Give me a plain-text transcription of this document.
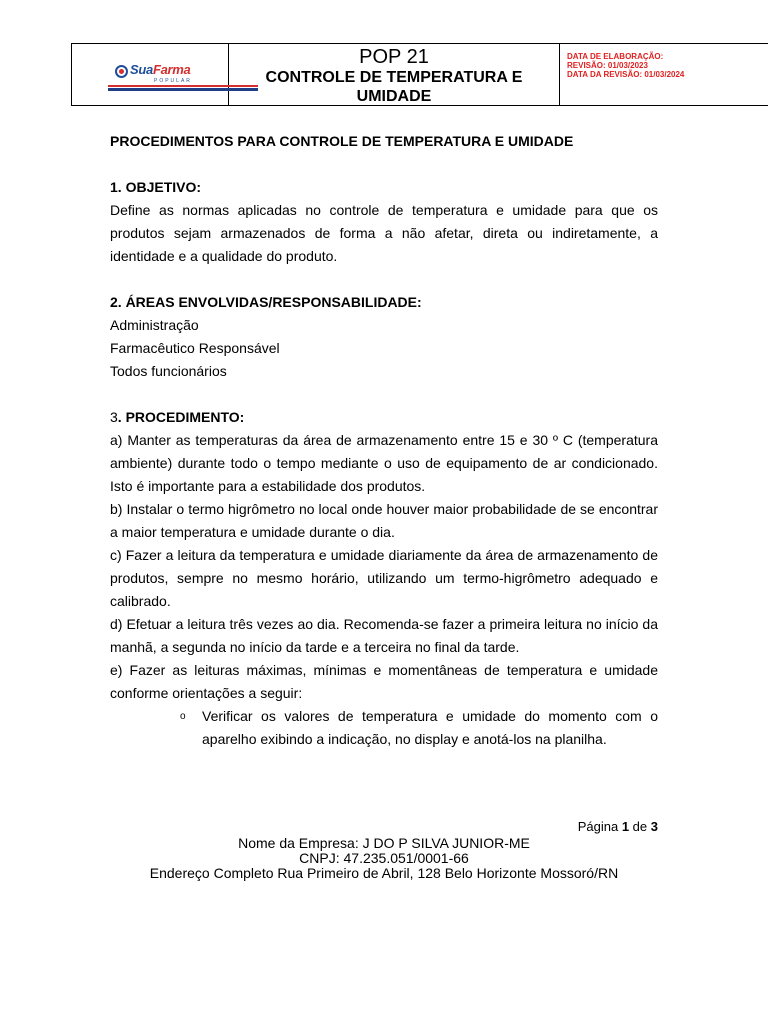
SuaFarma
POPULAR
POP 21
CONTROLE DE TEMPERATURA E UMIDADE
DATA DE ELABORAÇÃO:
REVISÃO: 01/03/2023
DATA DA REVISÃO: 01/03/2024
PROCEDIMENTOS PARA CONTROLE DE TEMPERATURA E UMIDADE
1. OBJETIVO:
Define as normas aplicadas no controle de temperatura e umidade para que os produtos sejam armazenados de forma a não afetar, direta ou indiretamente, a identidade e a qualidade do produto.
2. ÁREAS ENVOLVIDAS/RESPONSABILIDADE:
Administração
Farmacêutico Responsável
Todos funcionários
3. PROCEDIMENTO:
a) Manter as temperaturas da área de armazenamento entre 15 e 30 º C (temperatura ambiente) durante todo o tempo mediante o uso de equipamento de ar condicionado. Isto é importante para a estabilidade dos produtos.
b) Instalar o termo higrômetro no local onde houver maior probabilidade de se encontrar a maior temperatura e umidade durante o dia.
c) Fazer a leitura da temperatura e umidade diariamente da área de armazenamento de produtos, sempre no mesmo horário, utilizando um termo-higrômetro adequado e calibrado.
d) Efetuar a leitura três vezes ao dia. Recomenda-se fazer a primeira leitura no início da manhã, a segunda no início da tarde e a terceira no final da tarde.
e) Fazer as leituras máximas, mínimas e momentâneas de temperatura e umidade conforme orientações a seguir:
o Verificar os valores de temperatura e umidade do momento com o aparelho exibindo a indicação, no display e anotá-los na planilha.
Página 1 de 3
Nome da Empresa: J DO P SILVA JUNIOR-ME
CNPJ: 47.235.051/0001-66
Endereço Completo Rua Primeiro de Abril, 128 Belo Horizonte Mossoró/RN
